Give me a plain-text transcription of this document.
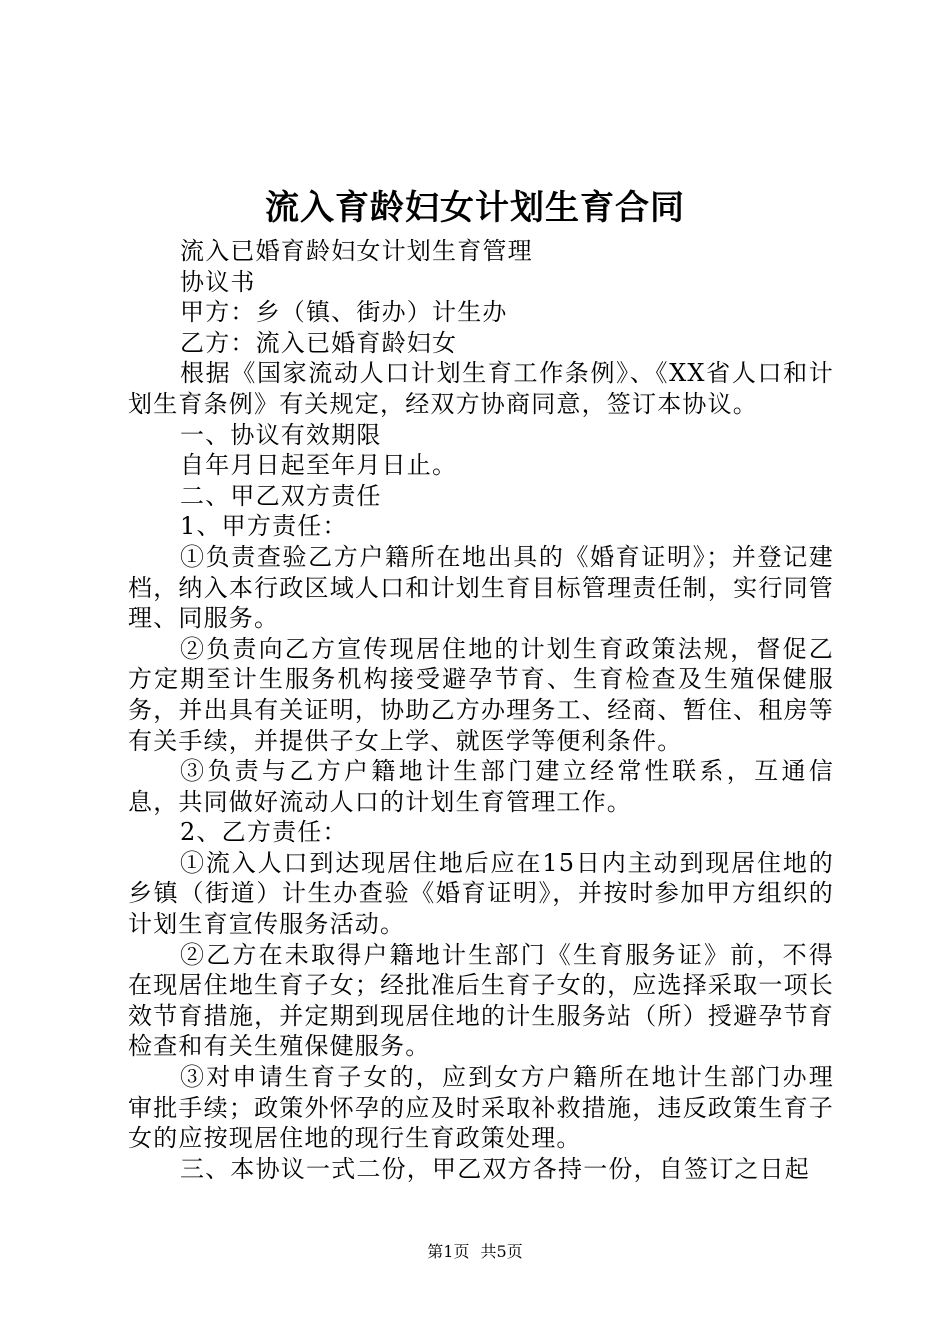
流入育龄妇女计划生育合同

流入已婚育龄妇女计划生育管理

协议书

甲方：乡（镇、街办）计生办

乙方：流入已婚育龄妇女

根据《国家流动人口计划生育工作条例》、《XX省人口和计划生育条例》有关规定，经双方协商同意，签订本协议。

一、协议有效期限

自年月日起至年月日止。

二、甲乙双方责任

1、甲方责任：

①负责查验乙方户籍所在地出具的《婚育证明》；并登记建档，纳入本行政区域人口和计划生育目标管理责任制，实行同管理、同服务。

②负责向乙方宣传现居住地的计划生育政策法规，督促乙方定期至计生服务机构接受避孕节育、生育检查及生殖保健服务，并出具有关证明，协助乙方办理务工、经商、暂住、租房等有关手续，并提供子女上学、就医学等便利条件。

③负责与乙方户籍地计生部门建立经常性联系，互通信息，共同做好流动人口的计划生育管理工作。

2、乙方责任：

①流入人口到达现居住地后应在15日内主动到现居住地的乡镇（街道）计生办查验《婚育证明》，并按时参加甲方组织的计划生育宣传服务活动。

②乙方在未取得户籍地计生部门《生育服务证》前，不得在现居住地生育子女；经批准后生育子女的，应选择采取一项长效节育措施，并定期到现居住地的计生服务站（所）授避孕节育检查和有关生殖保健服务。

③对申请生育子女的，应到女方户籍所在地计生部门办理审批手续；政策外怀孕的应及时采取补救措施，违反政策生育子女的应按现居住地的现行生育政策处理。

三、本协议一式二份，甲乙双方各持一份，自签订之日起

第1页 共5页
